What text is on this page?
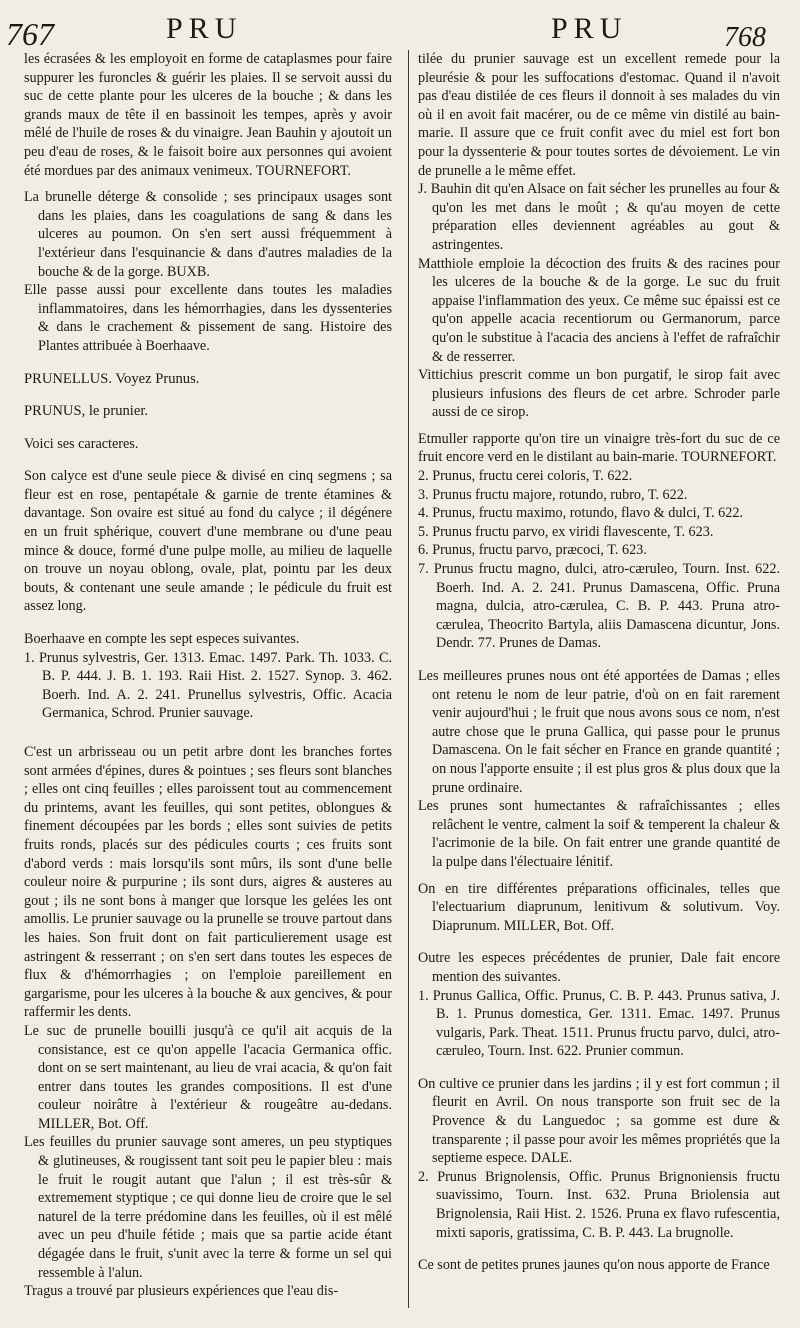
767	PRU	PRU	768

les écrasées & les employoit en forme de cataplasmes pour faire suppurer les furoncles & guérir les plaies. Il se servoit aussi du suc de cette plante pour les ulceres de la bouche ; & dans les grands maux de tête il en bassinoit les tempes, après y avoir mêlé de l'huile de roses & du vinaigre. Jean Bauhin y ajoutoit un peu d'eau de roses, & le faisoit boire aux personnes qui avoient été mordues par des animaux venimeux. TOURNEFORT.

La brunelle déterge & consolide ; ses principaux usages sont dans les plaies, dans les coagulations de sang & dans les ulceres au poumon. On s'en sert aussi fréquemment à l'extérieur dans l'esquinancie & dans d'autres maladies de la bouche & de la gorge. BUXB.

Elle passe aussi pour excellente dans toutes les maladies inflammatoires, dans les hémorrhagies, dans les dyssenteries & dans le crachement & pissement de sang. Histoire des Plantes attribuée à Boerhaave.

PRUNELLUS. Voyez Prunus.

PRUNUS, le prunier.

Voici ses caracteres.

Son calyce est d'une seule piece & divisé en cinq segmens ; sa fleur est en rose, pentapétale & garnie de trente étamines & davantage. Son ovaire est situé au fond du calyce ; il dégénere en un fruit sphérique, couvert d'une membrane ou d'une peau mince & douce, formé d'une pulpe molle, au milieu de laquelle on trouve un noyau oblong, ovale, plat, pointu par les deux bouts, & contenant une seule amande ; le pédicule du fruit est assez long.

Boerhaave en compte les sept especes suivantes.

1. Prunus sylvestris, Ger. 1313. Emac. 1497. Park. Th. 1033. C. B. P. 444. J. B. 1. 193. Raii Hist. 2. 1527. Synop. 3. 462. Boerh. Ind. A. 2. 241. Prunellus sylvestris, Offic. Acacia Germanica, Schrod. Prunier sauvage.

C'est un arbrisseau ou un petit arbre dont les branches fortes sont armées d'épines, dures & pointues ; ses fleurs sont blanches ; elles ont cinq feuilles ; elles paroissent tout au commencement du printems, avant les feuilles, qui sont petites, oblongues & finement découpées par les bords ; elles sont suivies de petits fruits ronds, placés sur des pédicules courts ; ces fruits sont d'abord verds : mais lorsqu'ils sont mûrs, ils sont d'une belle couleur noire & purpurine ; ils sont durs, aigres & austeres au gout ; ils ne sont bons à manger que lorsque les gelées les ont amollis. Le prunier sauvage ou la prunelle se trouve partout dans les haies. Son fruit dont on fait particulierement usage est astringent & resserrant ; on s'en sert dans toutes les especes de flux & d'hémorrhagies ; on l'emploie pareillement en gargarisme, pour les ulceres à la bouche & aux gencives, & pour raffermir les dents.

Le suc de prunelle bouilli jusqu'à ce qu'il ait acquis de la consistance, est ce qu'on appelle l'acacia Germanica offic. dont on se sert maintenant, au lieu de vrai acacia, & qu'on fait entrer dans toutes les grandes compositions. Il est d'une couleur noirâtre à l'extérieur & rougeâtre au-dedans. MILLER, Bot. Off.

Les feuilles du prunier sauvage sont ameres, un peu styptiques & glutineuses, & rougissent tant soit peu le papier bleu : mais le fruit le rougit autant que l'alun ; il est très-sûr & extremement styptique ; ce qui donne lieu de croire que le sel naturel de la terre prédomine dans les feuilles, où il est mêlé avec un peu d'huile fétide ; mais que sa partie acide étant dégagée dans le fruit, s'unit avec la terre & forme un sel qui ressemble à l'alun.

Tragus a trouvé par plusieurs expériences que l'eau dis-

tilée du prunier sauvage est un excellent remede pour la pleurésie & pour les suffocations d'estomac. Quand il n'avoit pas d'eau distilée de ces fleurs il donnoit à ses malades du vin où il en avoit fait macérer, ou de ce même vin distilé au bain-marie. Il assure que ce fruit confit avec du miel est fort bon pour la dyssenterie & pour toutes sortes de dévoiement. Le vin de prunelle a le même effet.

J. Bauhin dit qu'en Alsace on fait sécher les prunelles au four & qu'on les met dans le moût ; & qu'au moyen de cette préparation elles deviennent agréables au gout & astringentes.

Matthiole emploie la décoction des fruits & des racines pour les ulceres de la bouche & de la gorge. Le suc du fruit appaise l'inflammation des yeux. Ce même suc épaissi est ce qu'on appelle acacia recentiorum ou Germanorum, parce qu'on le substitue à l'acacia des anciens à l'effet de rafraîchir & de resserrer.

Vittichius prescrit comme un bon purgatif, le sirop fait avec plusieurs infusions des fleurs de cet arbre. Schroder parle aussi de ce sirop.

Etmuller rapporte qu'on tire un vinaigre très-fort du suc de ce fruit encore verd en le distilant au bain-marie. TOURNEFORT.

2. Prunus, fructu cerei coloris, T. 622.

3. Prunus fructu majore, rotundo, rubro, T. 622.

4. Prunus, fructu maximo, rotundo, flavo & dulci, T. 622.

5. Prunus fructu parvo, ex viridi flavescente, T. 623.

6. Prunus, fructu parvo, præcoci, T. 623.

7. Prunus fructu magno, dulci, atro-cæruleo, Tourn. Inst. 622. Boerh. Ind. A. 2. 241. Prunus Damascena, Offic. Pruna magna, dulcia, atro-cærulea, C. B. P. 443. Pruna atro-cærulea, Theocrito Bartyla, aliis Damascena dicuntur, Jons. Dendr. 77. Prunes de Damas.

Les meilleures prunes nous ont été apportées de Damas ; elles ont retenu le nom de leur patrie, d'où on en fait rarement venir aujourd'hui ; le fruit que nous avons sous ce nom, n'est autre chose que le pruna Gallica, qui passe pour le prunus Damascena. On le fait sécher en France en grande quantité ; on nous l'apporte ensuite ; il est plus gros & plus doux que la prune ordinaire.

Les prunes sont humectantes & rafraîchissantes ; elles relâchent le ventre, calment la soif & temperent la chaleur & l'acrimonie de la bile. On fait entrer une grande quantité de la pulpe dans l'électuaire lénitif.

On en tire différentes préparations officinales, telles que l'electuarium diaprunum, lenitivum & solutivum. Voy. Diaprunum. MILLER, Bot. Off.

Outre les especes précédentes de prunier, Dale fait encore mention des suivantes.

1. Prunus Gallica, Offic. Prunus, C. B. P. 443. Prunus sativa, J. B. 1. Prunus domestica, Ger. 1311. Emac. 1497. Prunus vulgaris, Park. Theat. 1511. Prunus fructu parvo, dulci, atro-cæruleo, Tourn. Inst. 622. Prunier commun.

On cultive ce prunier dans les jardins ; il y est fort commun ; il fleurit en Avril. On nous transporte son fruit sec de la Provence & du Languedoc ; sa gomme est dure & transparente ; il passe pour avoir les mêmes propriétés que la septieme espece. DALE.

2. Prunus Brignolensis, Offic. Prunus Brignoniensis fructu suavissimo, Tourn. Inst. 632. Pruna Briolensia aut Brignolensia, Raii Hist. 2. 1526. Pruna ex flavo rufescentia, mixti saporis, gratissima, C. B. P. 443. La brugnolle.

Ce sont de petites prunes jaunes qu'on nous apporte de France
